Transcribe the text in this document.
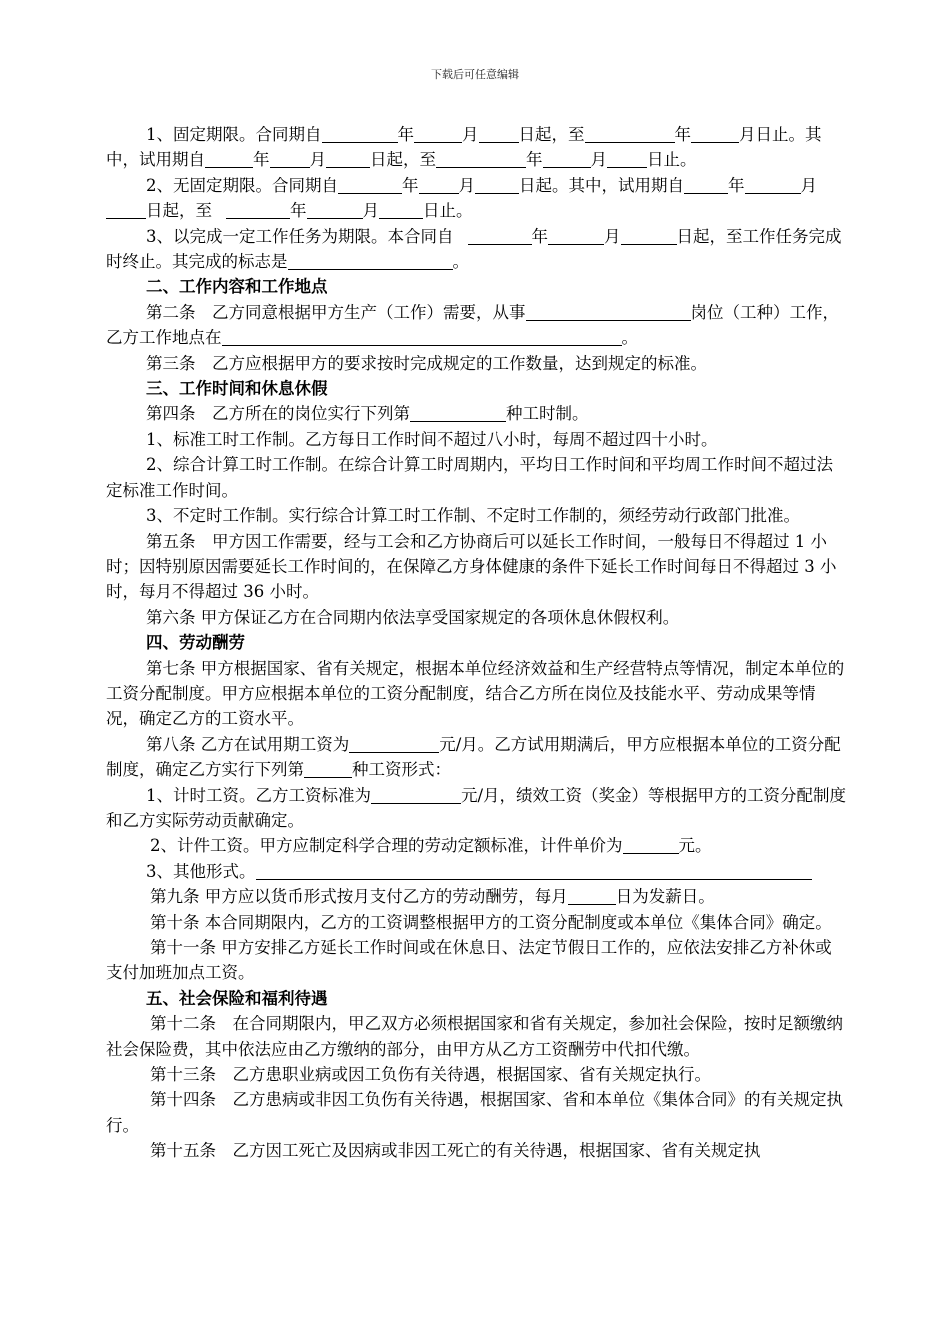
下载后可任意编辑

1、固定期限。合同期自	年	月 日起，至	年	月日止。其中，试用期自	年 月	日起，至	年	月 日止。

2、无固定期限。合同期自	年 月	日起。其中，试用期自	年	月日起，至	年	月	日止。

3、以完成一定工作任务为期限。本合同自	年	月	日起，至工作任务完成时终止。其完成的标志是	。

二、工作内容和工作地点

第二条　乙方同意根据甲方生产（工作）需要，从事	岗位（工种）工作，乙方工作地点在	。

第三条　乙方应根据甲方的要求按时完成规定的工作数量，达到规定的标准。

三、工作时间和休息休假

第四条　乙方所在的岗位实行下列第	种工时制。

1、标准工时工作制。乙方每日工作时间不超过八小时，每周不超过四十小时。

2、综合计算工时工作制。在综合计算工时周期内，平均日工作时间和平均周工作时间不超过法定标准工作时间。

3、不定时工作制。实行综合计算工时工作制、不定时工作制的，须经劳动行政部门批准。

第五条　甲方因工作需要，经与工会和乙方协商后可以延长工作时间，一般每日不得超过 1 小时；因特别原因需要延长工作时间的，在保障乙方身体健康的条件下延长工作时间每日不得超过 3 小时，每月不得超过 36 小时。

第六条 甲方保证乙方在合同期内依法享受国家规定的各项休息休假权利。

四、劳动酬劳

第七条 甲方根据国家、省有关规定，根据本单位经济效益和生产经营特点等情况，制定本单位的工资分配制度。甲方应根据本单位的工资分配制度，结合乙方所在岗位及技能水平、劳动成果等情况，确定乙方的工资水平。

第八条 乙方在试用期工资为	元/月。乙方试用期满后，甲方应根据本单位的工资分配制度，确定乙方实行下列第	种工资形式：

1、计时工资。乙方工资标准为	元/月，绩效工资（奖金）等根据甲方的工资分配制度和乙方实际劳动贡献确定。

2、计件工资。甲方应制定科学合理的劳动定额标准，计件单价为	元。

3、其他形式。

第九条 甲方应以货币形式按月支付乙方的劳动酬劳，每月	日为发薪日。

第十条 本合同期限内，乙方的工资调整根据甲方的工资分配制度或本单位《集体合同》确定。

第十一条 甲方安排乙方延长工作时间或在休息日、法定节假日工作的，应依法安排乙方补休或支付加班加点工资。

五、社会保险和福利待遇

第十二条　在合同期限内，甲乙双方必须根据国家和省有关规定，参加社会保险，按时足额缴纳社会保险费，其中依法应由乙方缴纳的部分，由甲方从乙方工资酬劳中代扣代缴。

第十三条　乙方患职业病或因工负伤有关待遇，根据国家、省有关规定执行。

第十四条　乙方患病或非因工负伤有关待遇，根据国家、省和本单位《集体合同》的有关规定执行。

第十五条　乙方因工死亡及因病或非因工死亡的有关待遇，根据国家、省有关规定执
